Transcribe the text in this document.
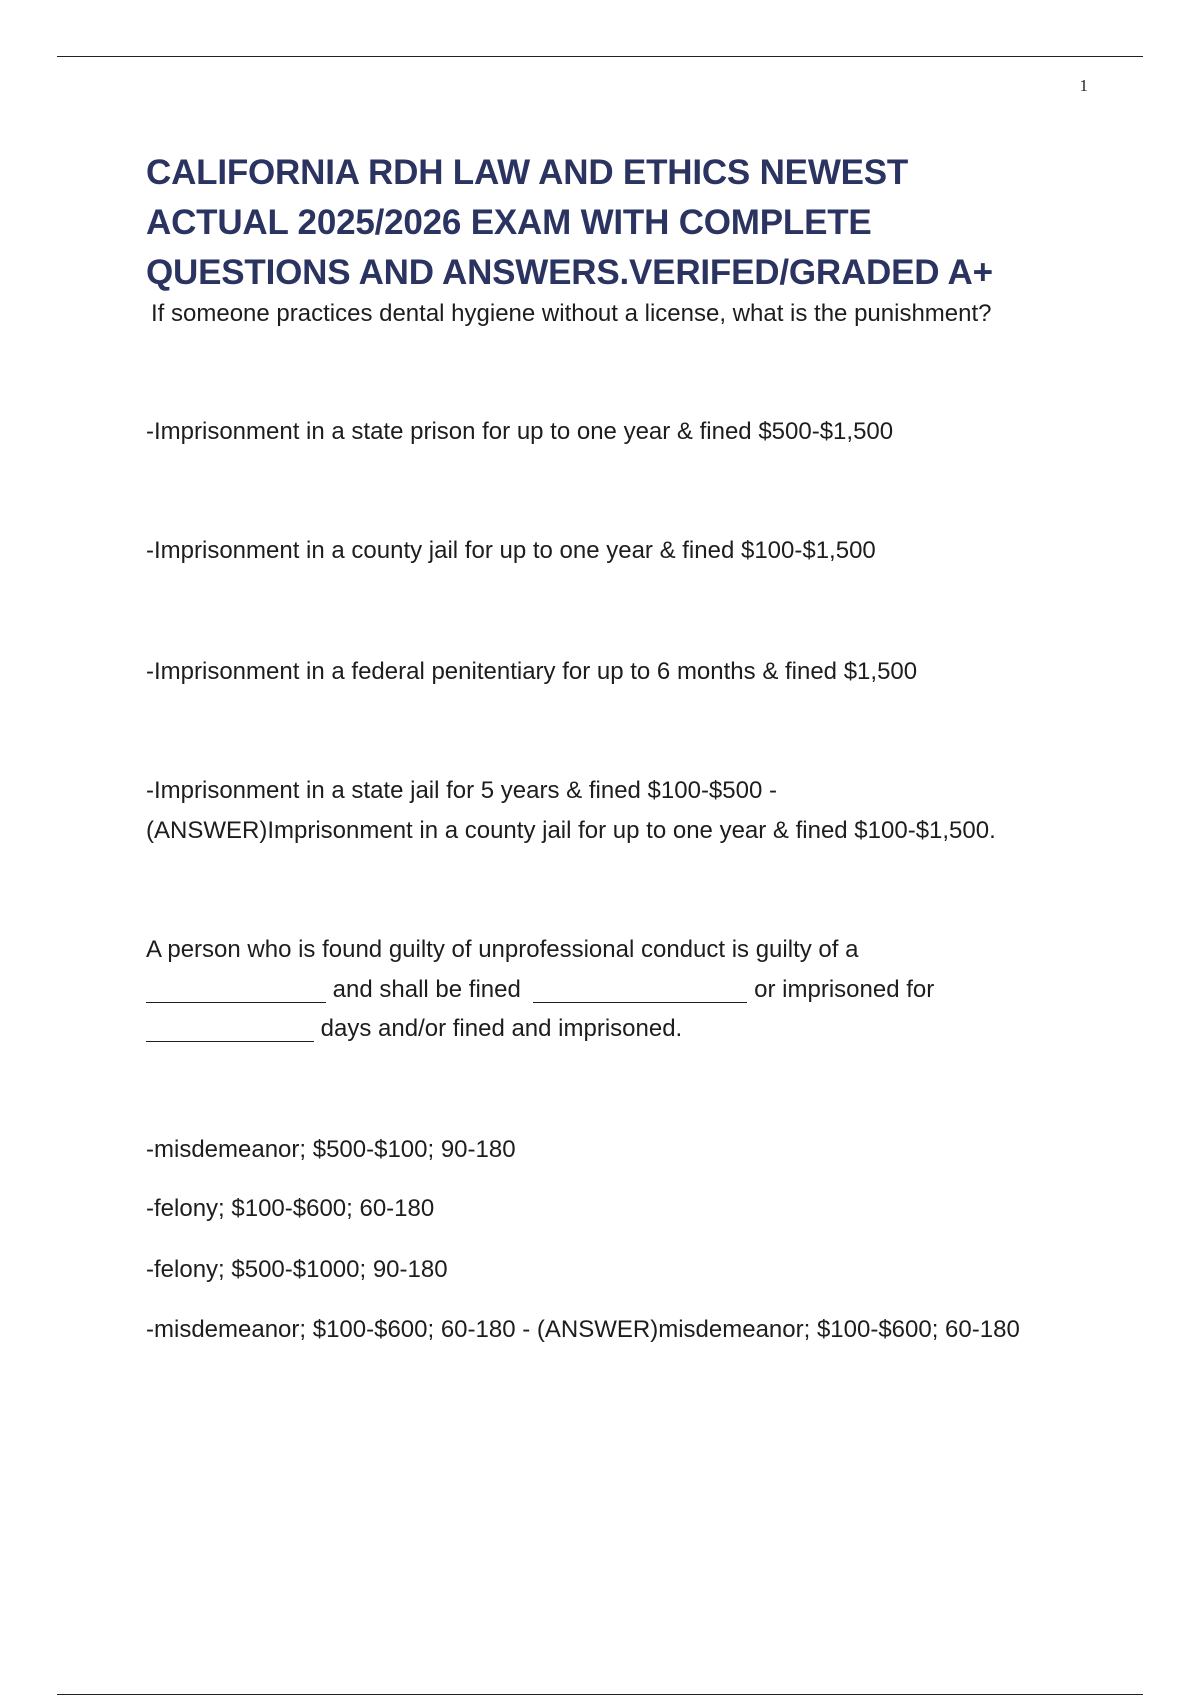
1
CALIFORNIA RDH LAW AND ETHICS NEWEST
ACTUAL 2025/2026 EXAM WITH COMPLETE
QUESTIONS AND ANSWERS.VERIFED/GRADED A+
If someone practices dental hygiene without a license, what is the punishment?
-Imprisonment in a state prison for up to one year & fined $500-$1,500
-Imprisonment in a county jail for up to one year & fined $100-$1,500
-Imprisonment in a federal penitentiary for up to 6 months & fined $1,500
-Imprisonment in a state jail for 5 years & fined $100-$500 -
(ANSWER)Imprisonment in a county jail for up to one year & fined $100-$1,500.
A person who is found guilty of unprofessional conduct is guilty of a
and shall be fined	or imprisoned for
days and/or fined and imprisoned.
-misdemeanor; $500-$100; 90-180
-felony; $100-$600; 60-180
-felony; $500-$1000; 90-180
-misdemeanor; $100-$600; 60-180 - (ANSWER)misdemeanor; $100-$600; 60-180
